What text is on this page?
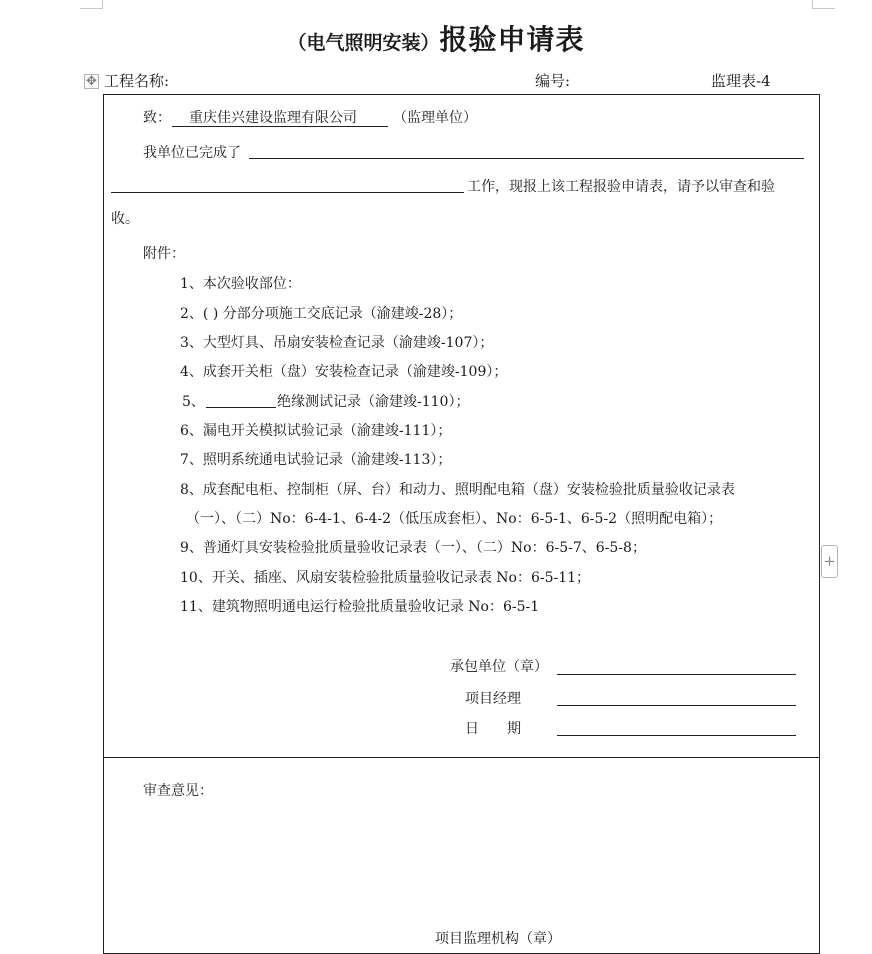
（电气照明安装）报验申请表
✥ 工程名称:	编号:	监理表-4
致： 重庆佳兴建设监理有限公司	（监理单位）
我单位已完成了
工作，现报上该工程报验申请表，请予以审查和验
收。
附件：
1、本次验收部位：
2、( ) 分部分项施工交底记录（渝建竣-28）；
3、大型灯具、吊扇安装检查记录（渝建竣-107）；
4、成套开关柜（盘）安装检查记录（渝建竣-109）；
5、	绝缘测试记录（渝建竣-110）；
6、漏电开关模拟试验记录（渝建竣-111）；
7、照明系统通电试验记录（渝建竣-113）；
8、成套配电柜、控制柜（屏、台）和动力、照明配电箱（盘）安装检验批质量验收记录表
（一）、（二）No：6-4-1、6-4-2（低压成套柜）、No：6-5-1、6-5-2（照明配电箱）；
9、普通灯具安装检验批质量验收记录表（一）、（二）No：6-5-7、6-5-8；
10、开关、插座、风扇安装检验批质量验收记录表 No：6-5-11；
11、建筑物照明通电运行检验批质量验收记录 No：6-5-1
承包单位（章）
项目经理
日　　期
审查意见：
项目监理机构（章）
+
